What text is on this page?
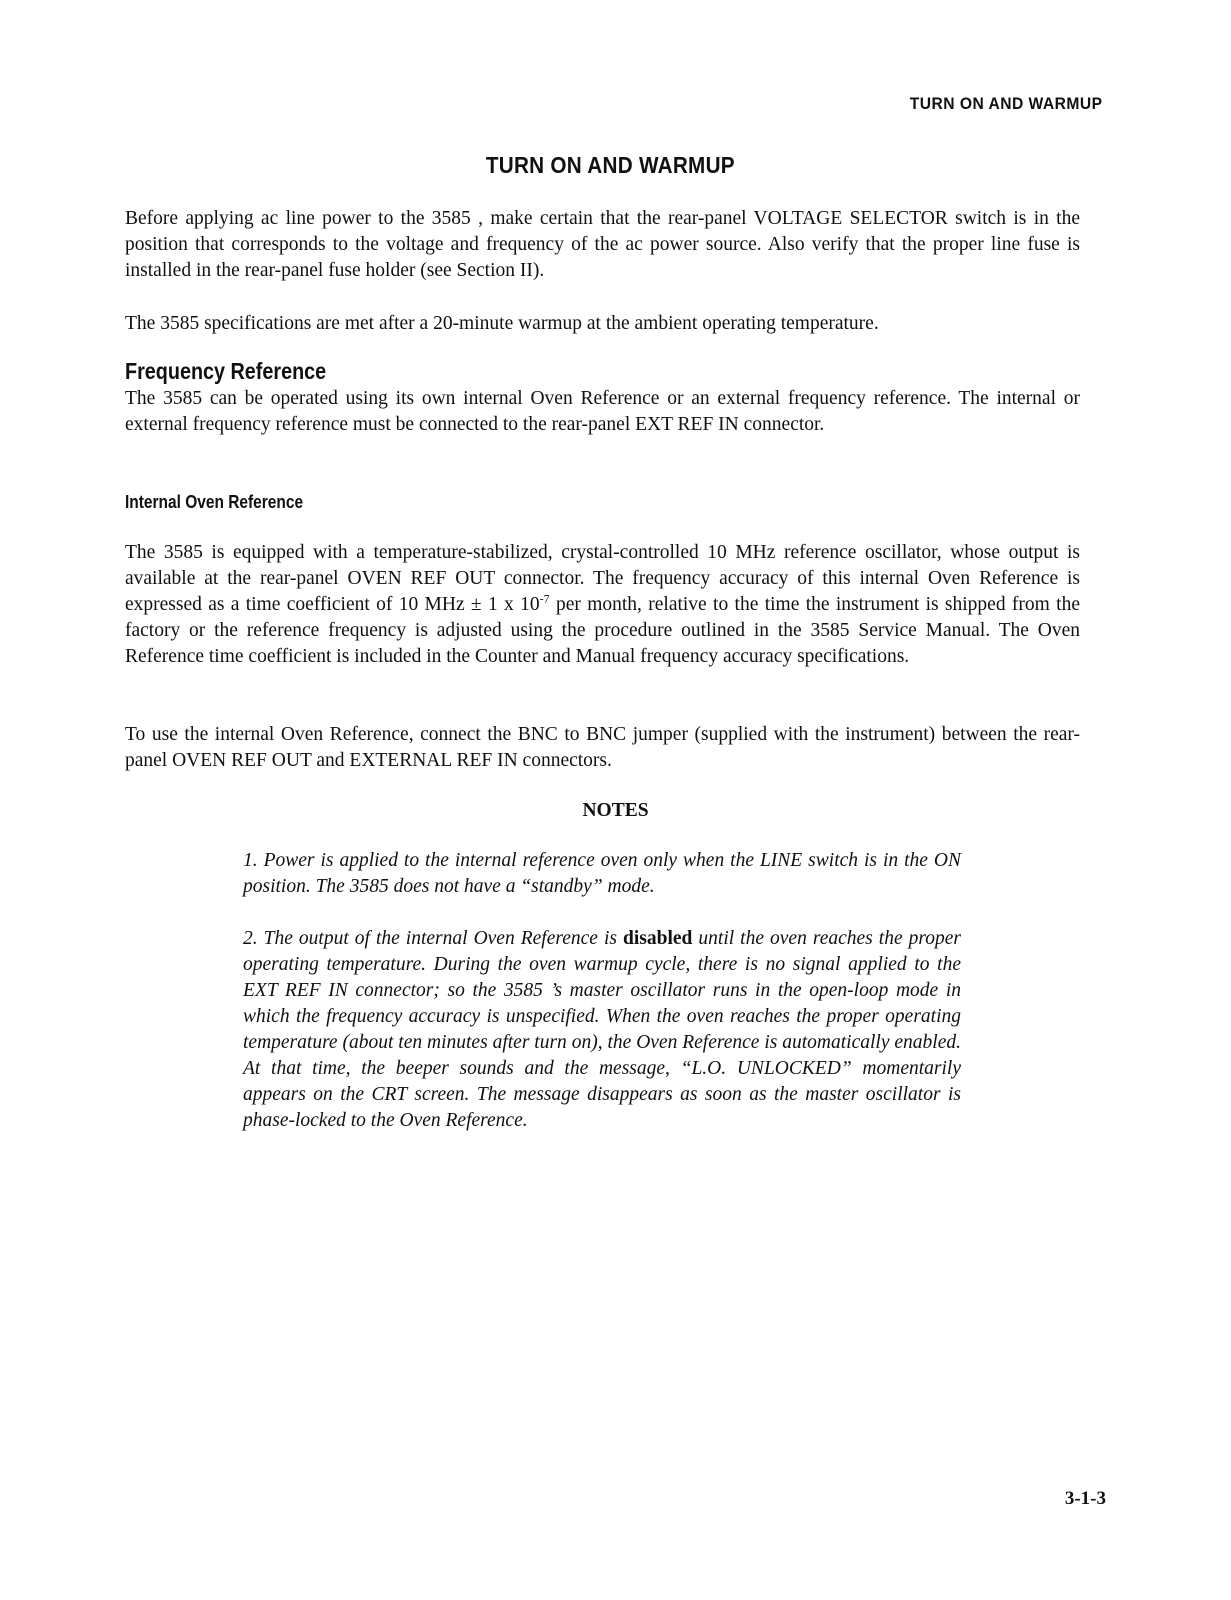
TURN ON AND WARMUP
TURN ON AND WARMUP
Before applying ac line power to the 3585 , make certain that the rear-panel VOLTAGE SELECTOR switch is in the position that corresponds to the voltage and frequency of the ac power source. Also verify that the proper line fuse is installed in the rear-panel fuse holder (see Section II).
The 3585 specifications are met after a 20-minute warmup at the ambient operating temperature.
Frequency Reference
The 3585 can be operated using its own internal Oven Reference or an external frequency reference. The internal or external frequency reference must be connected to the rear-panel EXT REF IN connector.
Internal Oven Reference
The 3585 is equipped with a temperature-stabilized, crystal-controlled 10 MHz reference oscillator, whose output is available at the rear-panel OVEN REF OUT connector. The frequency accuracy of this internal Oven Reference is expressed as a time coefficient of 10 MHz ± 1 x $10^{-7}$ per month, relative to the time the instrument is shipped from the factory or the reference frequency is adjusted using the procedure outlined in the 3585 Service Manual. The Oven Reference time coefficient is included in the Counter and Manual frequency accuracy specifications.
To use the internal Oven Reference, connect the BNC to BNC jumper (supplied with the instrument) between the rear-panel OVEN REF OUT and EXTERNAL REF IN connectors.
NOTES
1. Power is applied to the internal reference oven only when the LINE switch is in the ON position. The 3585 does not have a “standby” mode.
2. The output of the internal Oven Reference is disabled until the oven reaches the proper operating temperature. During the oven warmup cycle, there is no signal applied to the EXT REF IN connector; so the 3585 ’s master oscillator runs in the open-loop mode in which the frequency accuracy is unspecified. When the oven reaches the proper operating temperature (about ten minutes after turn on), the Oven Reference is automatically enabled. At that time, the beeper sounds and the message, “L.O. UNLOCKED” momentarily appears on the CRT screen. The message disappears as soon as the master oscillator is phase-locked to the Oven Reference.
3-1-3
